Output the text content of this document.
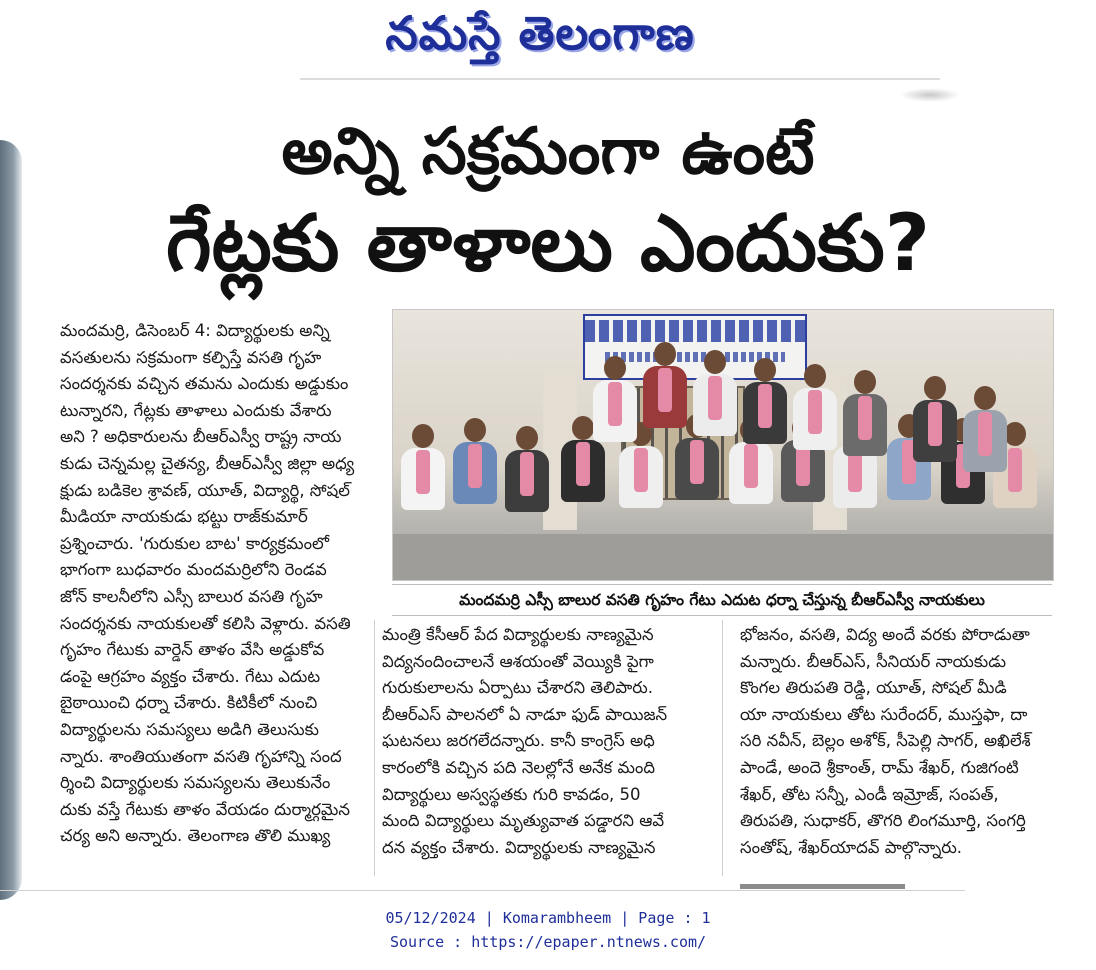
నమస్తే తెలంగాణ
అన్ని సక్రమంగా ఉంటే
గేట్లకు తాళాలు ఎందుకు?

మందమర్రి, డిసెంబర్ 4: విద్యార్థులకు అన్ని

వసతులను సక్రమంగా కల్పిస్తే వసతి గృహ

సందర్శనకు వచ్చిన తమను ఎందుకు అడ్డుకుం

టున్నారని, గేట్లకు తాళాలు ఎందుకు వేశారు

అని ? అధికారులను బీఆర్ఎస్వీ రాష్ట్ర నాయ

కుడు చెన్నమల్ల చైతన్య, బీఆర్ఎస్వీ జిల్లా అధ్య

క్షుడు బడికెల శ్రావణ్, యూత్, విద్యార్థి, సోషల్

మీడియా నాయకుడు భట్టు రాజ్‌కుమార్

ప్రశ్నించారు. 'గురుకుల బాట' కార్యక్రమంలో

భాగంగా బుధవారం మందమర్రిలోని రెండవ

జోన్ కాలనీలోని ఎస్సీ బాలుర వసతి గృహ

సందర్శనకు నాయకులతో కలిసి వెళ్లారు. వసతి

గృహం గేటుకు వార్డెన్ తాళం వేసి అడ్డుకోవ

డంపై ఆగ్రహం వ్యక్తం చేశారు. గేటు ఎదుట

బైఠాయించి ధర్నా చేశారు. కిటికీలో నుంచి

విద్యార్థులను సమస్యలు అడిగి తెలుసుకు

న్నారు. శాంతియుతంగా వసతి గృహాన్ని సంద

ర్శించి విద్యార్థులకు సమస్యలను తెలుకునేం

దుకు వస్తే గేటుకు తాళం వేయడం దుర్మార్గమైన

చర్య అని అన్నారు. తెలంగాణ తొలి ముఖ్య

మంత్రి కేసీఆర్ పేద విద్యార్థులకు నాణ్యమైన

విద్యనందించాలనే ఆశయంతో వెయ్యికి పైగా

గురుకులాలను ఏర్పాటు చేశారని తెలిపారు.

బీఆర్ఎస్ పాలనలో ఏ నాడూ ఫుడ్ పాయిజన్

ఘటనలు జరగలేదన్నారు. కానీ కాంగ్రెస్ అధి

కారంలోకి వచ్చిన పది నెలల్లోనే అనేక మంది

విద్యార్థులు అస్వస్థతకు గురి కావడం, 50

మంది విద్యార్థులు మృత్యువాత పడ్డారని ఆవే

దన వ్యక్తం చేశారు. విద్యార్థులకు నాణ్యమైన

భోజనం, వసతి, విద్య అందే వరకు పోరాడుతా

మన్నారు. బీఆర్ఎస్, సీనియర్ నాయకుడు

కొంగల తిరుపతి రెడ్డి, యూత్, సోషల్ మీడి

యా నాయకులు తోట సురేందర్, ముస్తఫా, దా

సరి నవీన్, బెల్లం అశోక్, సీపెల్లి సాగర్, అఖిలేశ్

పాండే, అందె శ్రీకాంత్, రామ్ శేఖర్, గుజిగంటి

శేఖర్, తోట సన్నీ, ఎండీ ఇమ్రోజ్, సంపత్,

తిరుపతి, సుధాకర్, తొగరి లింగమూర్తి, సంగర్తి

సంతోష్, శేఖర్‌యాదవ్ పాల్గొన్నారు.

మందమర్రి ఎస్సీ బాలుర వసతి గృహం గేటు ఎదుట ధర్నా చేస్తున్న బీఆర్ఎస్వీ నాయకులు
05/12/2024 | Komarambheem | Page : 1
Source : https://epaper.ntnews.com/
